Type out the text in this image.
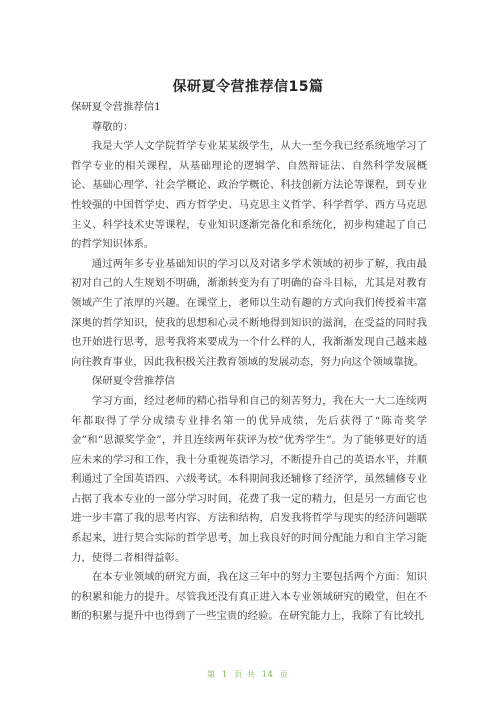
保研夏令营推荐信15篇

保研夏令营推荐信1

尊敬的：

我是大学人文学院哲学专业某某级学生，从大一至今我已经系统地学习了哲学专业的相关课程，从基础理论的逻辑学、自然辩证法、自然科学发展概论、基础心理学、社会学概论、政治学概论、科技创新方法论等课程，到专业性较强的中国哲学史、西方哲学史、马克思主义哲学、科学哲学、西方马克思主义、科学技术史等课程，专业知识逐渐完备化和系统化，初步构建起了自己的哲学知识体系。

通过两年多专业基础知识的学习以及对诸多学术领域的初步了解，我由最初对自己的人生规划不明确，渐渐转变为有了明确的奋斗目标，尤其是对教育领域产生了浓厚的兴趣。在课堂上，老师以生动有趣的方式向我们传授着丰富深奥的哲学知识，使我的思想和心灵不断地得到知识的滋润，在受益的同时我也开始进行思考，思考我将来要成为一个什么样的人，我渐渐发现自己越来越向往教育事业，因此我积极关注教育领域的发展动态，努力向这个领域靠拢。

保研夏令营推荐信

学习方面，经过老师的精心指导和自己的刻苦努力，我在大一大二连续两年都取得了学分成绩专业排名第一的优异成绩，先后获得了“陈奇奖学金”和“思源奖学金”，并且连续两年获评为校“优秀学生”。为了能够更好的适应未来的学习和工作，我十分重视英语学习，不断提升自己的英语水平，并顺利通过了全国英语四、六级考试。本科期间我还辅修了经济学，虽然辅修专业占据了我本专业的一部分学习时间，花费了我一定的精力，但是另一方面它也进一步丰富了我的思考内容、方法和结构，启发我将哲学与现实的经济问题联系起来，进行契合实际的哲学思考，加上我良好的时间分配能力和自主学习能力，使得二者相得益彰。

在本专业领域的研究方面，我在这三年中的努力主要包括两个方面：知识的积累和能力的提升。尽管我还没有真正进入本专业领域研究的殿堂，但在不断的积累与提升中也得到了一些宝贵的经验。在研究能力上，我除了有比较扎

第 1 页 共 14 页
